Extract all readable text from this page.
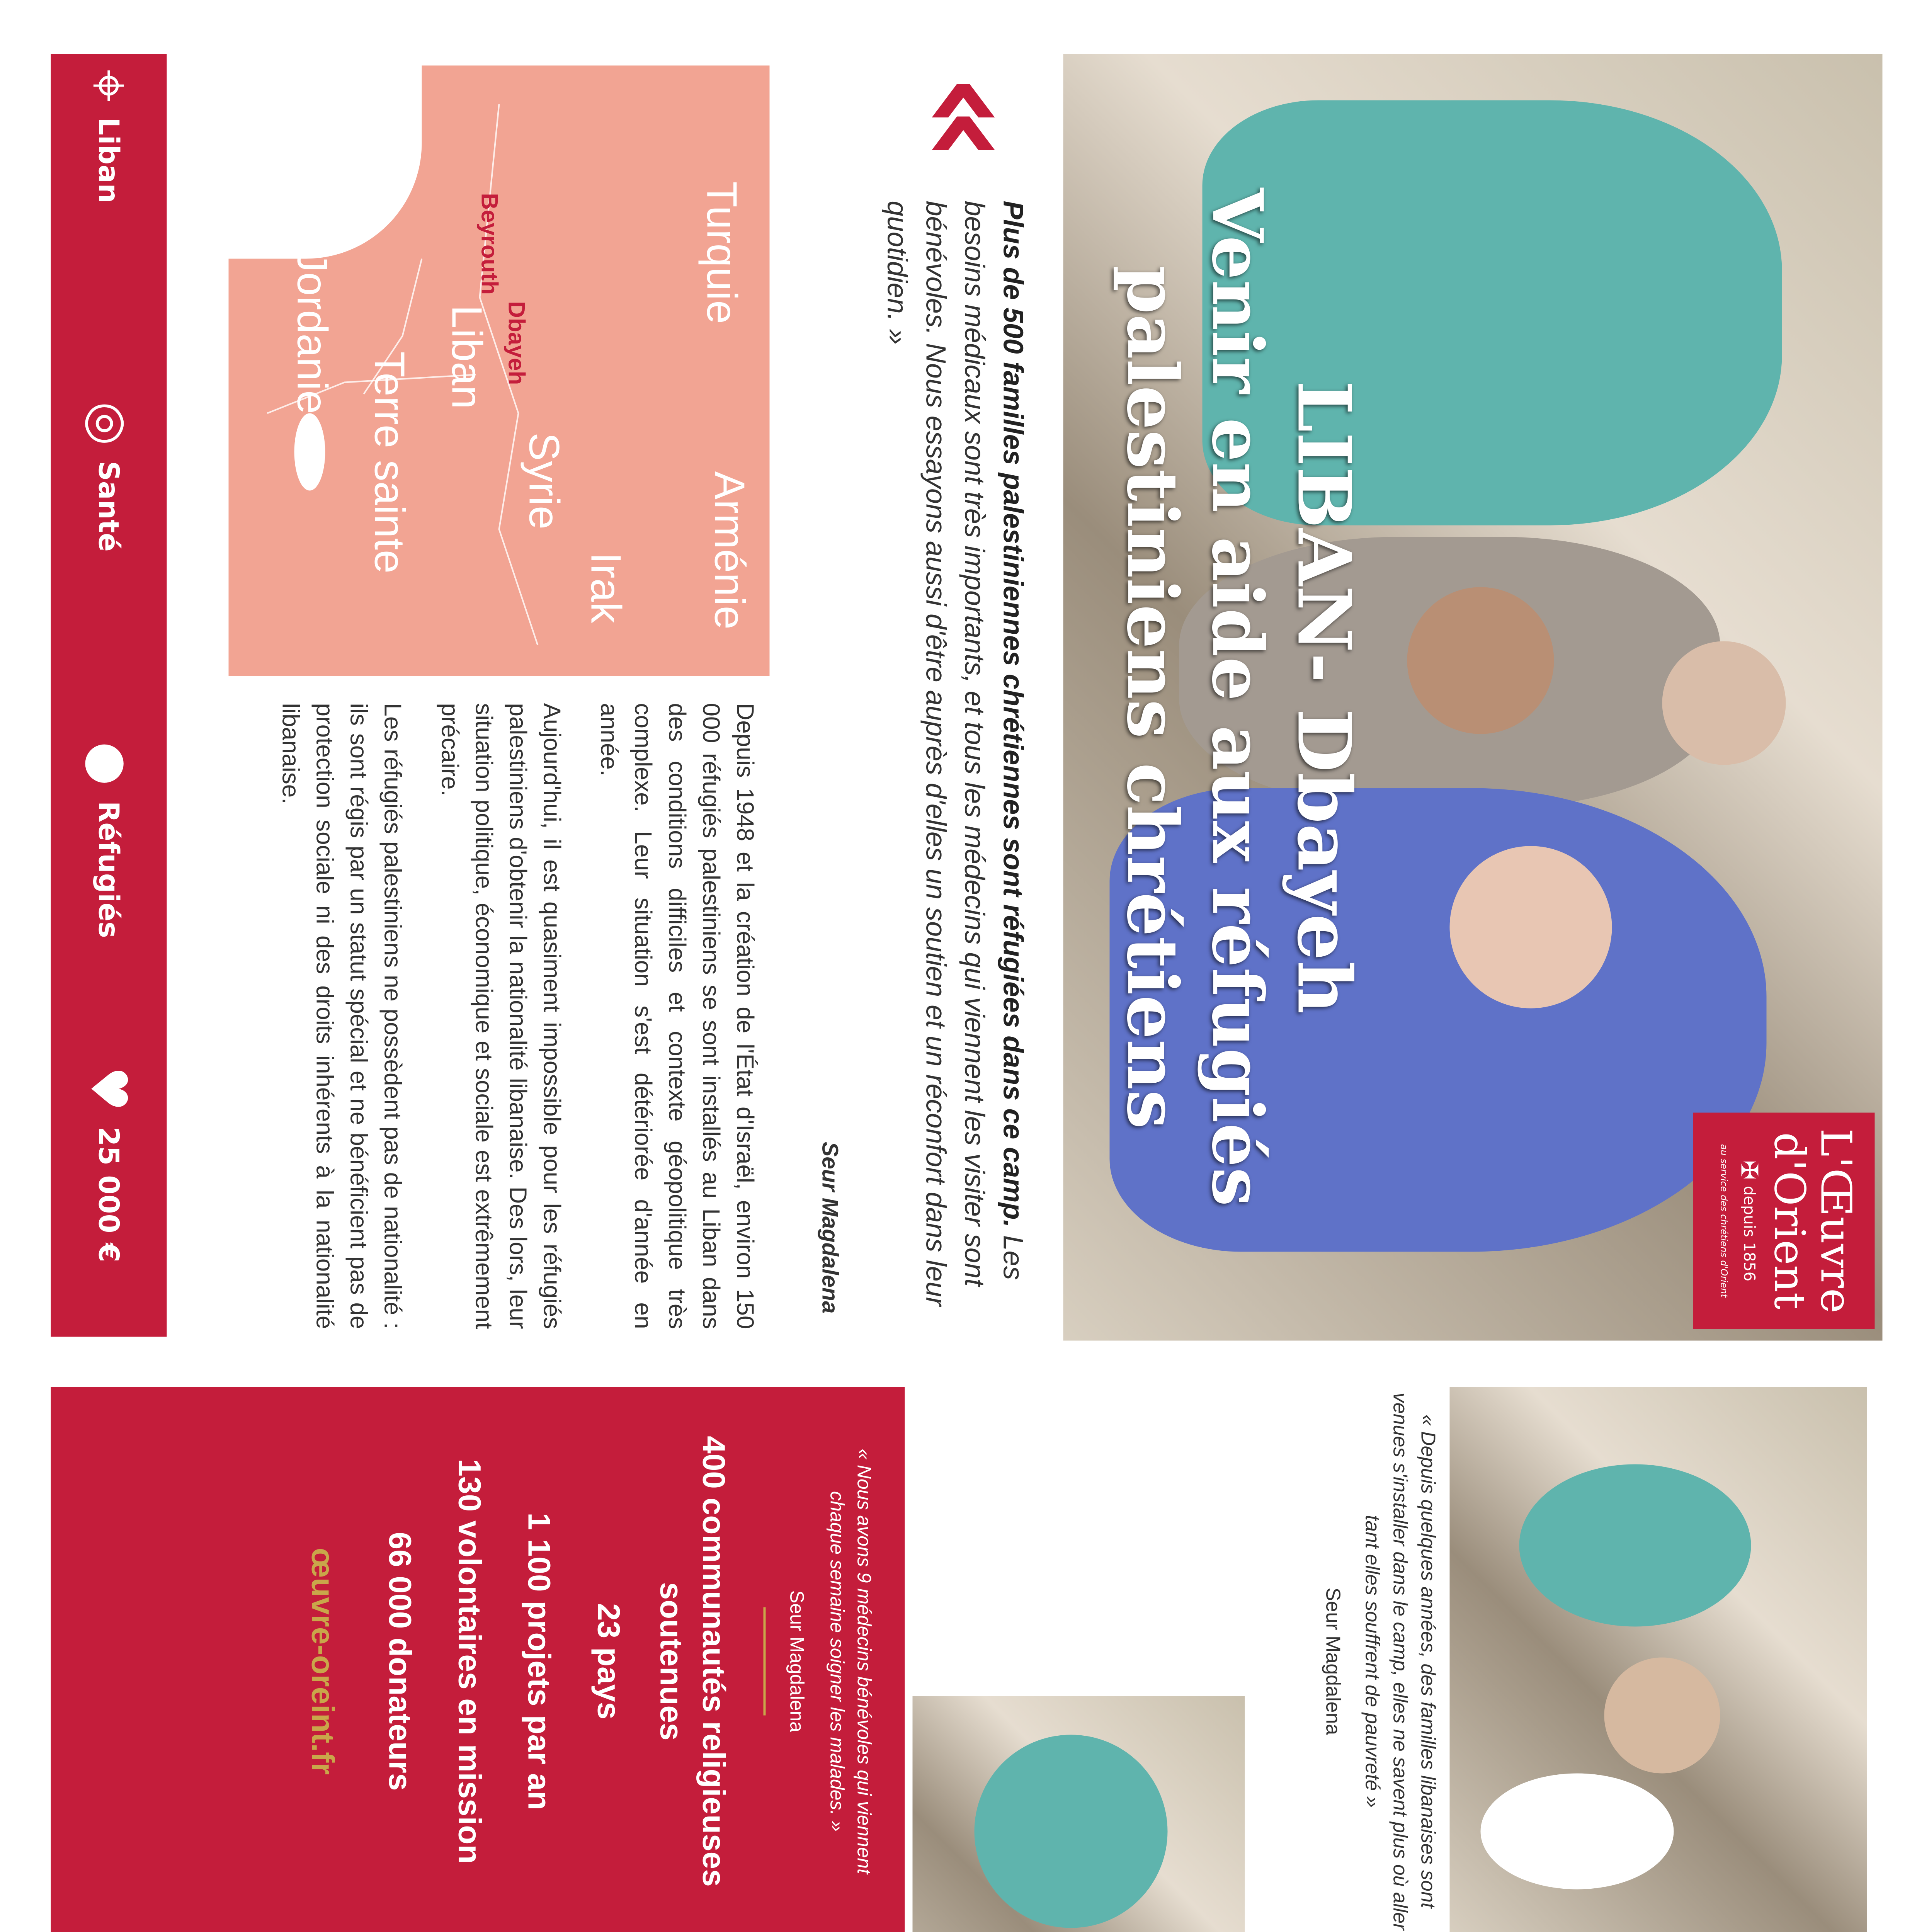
L'Œuvre
d'Orient
✠
depuis 1856
au service des chrétiens d'Orient
LIBAN- Dbayeh
Venir en aide aux réfugiés
palestiniens chrétiens
«
Plus de 500 familles palestiniennes chrétiennes sont réfugiées dans ce camp. Les besoins médicaux sont très importants, et tous les médecins qui viennent les visiter sont bénévoles. Nous essayons aussi d'être auprès d'elles un soutien et un réconfort dans leur quotidien. »
Seur Magdalena
Turquie
Arménie
Syrie
Irak
Liban
Terre sainte
Jordanie	Dbayeh
Beyrouth

Depuis 1948 et la création de l'État d'Israël, environ 150 000 réfugiés palestiniens se sont installés au Liban dans des conditions difficiles et contexte géopolitique très complexe. Leur situation s'est détériorée d'année en année.

Aujourd'hui, il est quasiment impossible pour les réfugiés palestiniens d'obtenir la nationalité libanaise. Des lors, leur situation politique, économique et sociale est extrêmement précaire.

Les réfugiés palestiniens ne possèdent pas de nationalité : ils sont régis par un statut spécial et ne bénéficient pas de protection sociale ni des droits inhérents à la nationalité libanaise.

⌖
Liban
◎
Santé
●
Réfugiés
♥
25 000 €
« Depuis quelques années, des familles libanaises sont venues s'installer dans le camp, elles ne savent plus où aller tant elles souffrent de pauvreté »
Seur Magdalena

« Nous avons 9 médecins bénévoles qui viennent chaque semaine soigner les malades. »
Seur Magdalena
400 communautés religieuses soutenues
23 pays
1 100 projets par an
130 volontaires en mission
66 000 donateurs
œuvre-oreint.fr
